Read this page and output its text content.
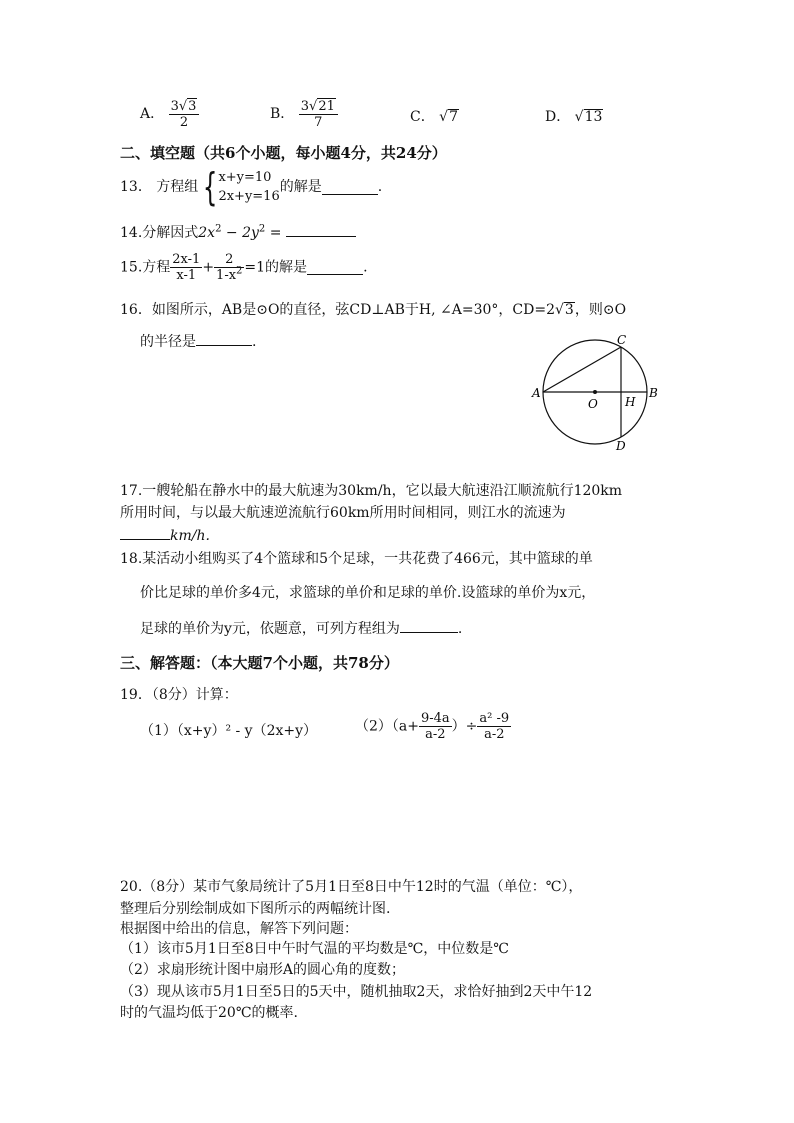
A． $\frac{3√3}{2}$	B． $\frac{3√21}{7}$	C． √7	D． √13
二、填空题（共6个小题，每小题4分，共24分）
13． 方程组 { x+y=10
2x+y=16
的解是	.
14.分解因式$2x^2 - 2y^2$ =
15.方程 $\frac{2x-1}{x-1} + \frac{2}{1-x^2} =1$的解是	.
16．如图所示，AB是⊙O的直径，弦CD⊥AB于H, ∠A=30°，CD=2√3，则⊙O
的半径是	.
A	B
C
D
O H
17.一艘轮船在静水中的最大航速为30km/h，它以最大航速沿江顺流航行120km
所用时间，与以最大航速逆流航行60km所用时间相同，则江水的流速为
km/h.
18.某活动小组购买了4个篮球和5个足球，一共花费了466元，其中篮球的单
价比足球的单价多4元，求篮球的单价和足球的单价.设篮球的单价为x元，
足球的单价为y元，依题意，可列方程组为	.
三、解答题：（本大题7个小题，共78分）
19．（8分）计算：
（1）（x+y）² - y（2x+y）	$(2)(a+ \frac{9-4a}{a-2}$ ）÷ $\frac{\text{a² -9}}{a-2}$
20.（8分）某市气象局统计了5月1日至8日中午12时的气温（单位：℃），
整理后分别绘制成如下图所示的两幅统计图.
根据图中给出的信息，解答下列问题：
（1）该市5月1日至8日中午时气温的平均数是℃，中位数是℃
（2）求扇形统计图中扇形A的圆心角的度数；
（3）现从该市5月1日至5日的5天中，随机抽取2天，求恰好抽到2天中午12
时的气温均低于20℃的概率.
